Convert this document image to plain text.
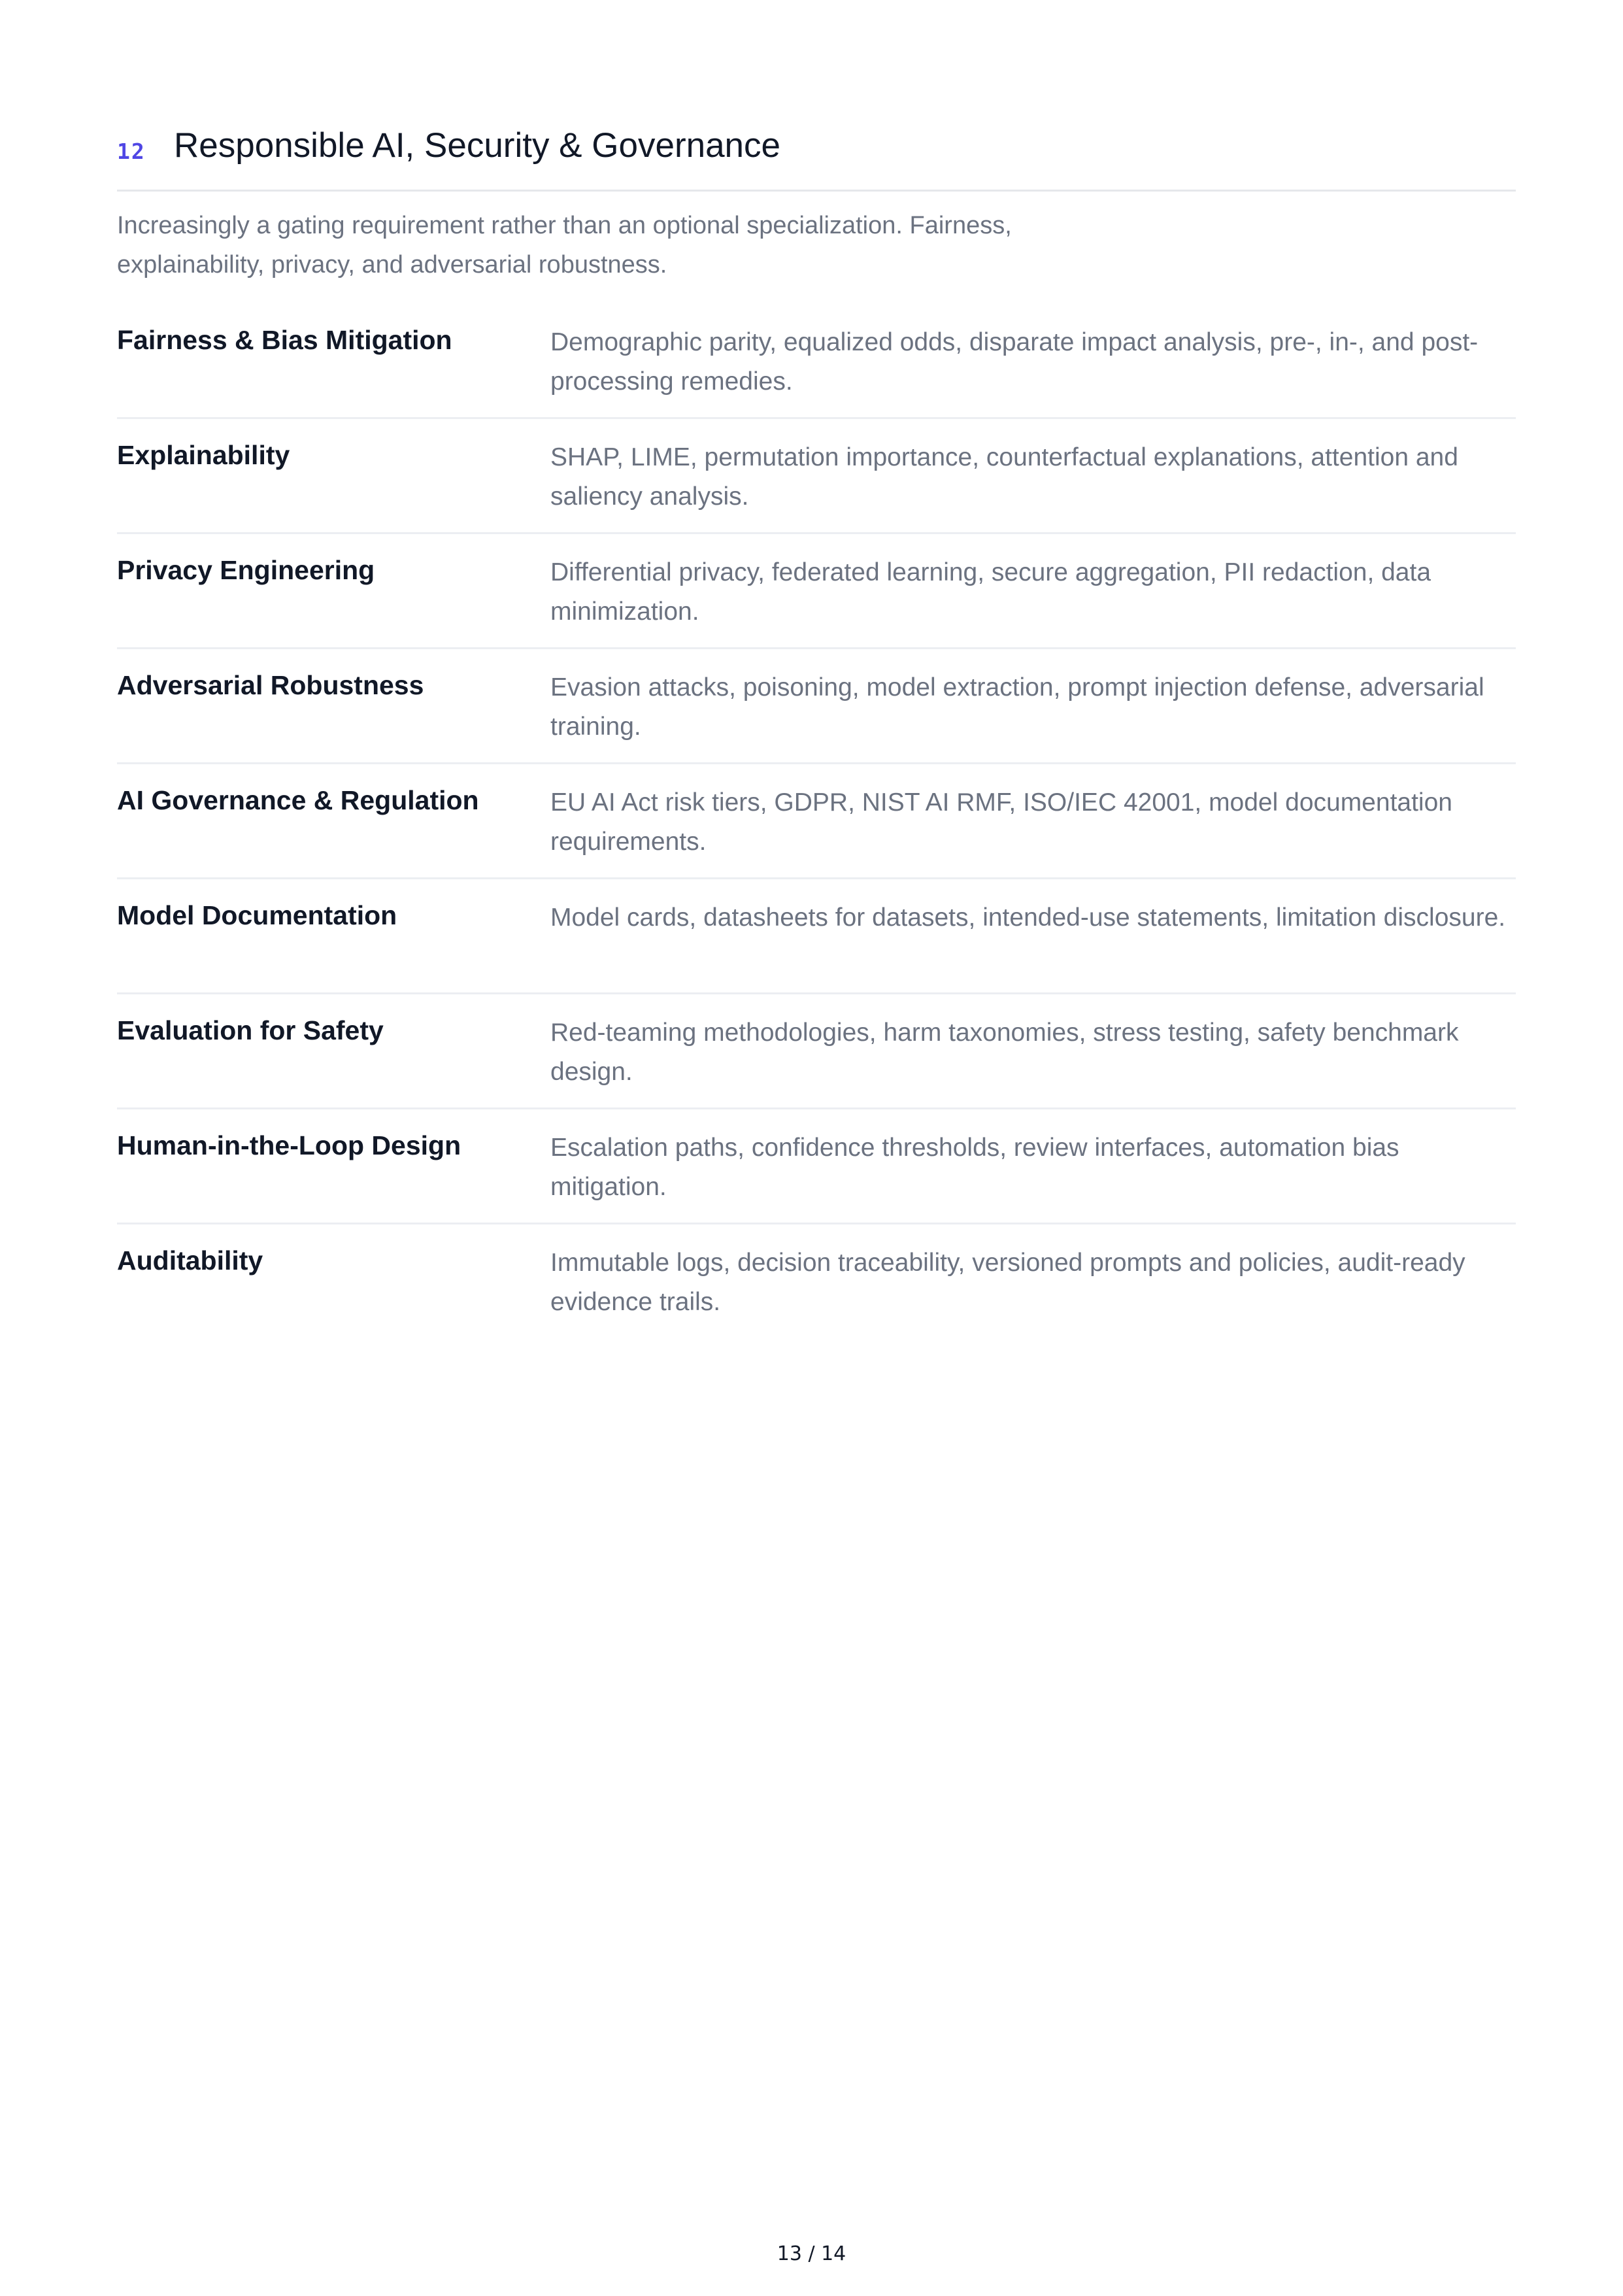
12 Responsible AI, Security & Governance

Increasingly a gating requirement rather than an optional specialization. Fairness, explainability, privacy, and adversarial robustness.

Fairness & Bias Mitigation	Demographic parity, equalized odds, disparate impact analysis, pre-, in-, and post-processing remedies.
Explainability	SHAP, LIME, permutation importance, counterfactual explanations, attention and saliency analysis.
Privacy Engineering	Differential privacy, federated learning, secure aggregation, PII redaction, data minimization.
Adversarial Robustness	Evasion attacks, poisoning, model extraction, prompt injection defense, adversarial training.
AI Governance & Regulation	EU AI Act risk tiers, GDPR, NIST AI RMF, ISO/IEC 42001, model documentation requirements.
Model Documentation	Model cards, datasheets for datasets, intended-use statements, limitation disclosure.
Evaluation for Safety	Red-teaming methodologies, harm taxonomies, stress testing, safety benchmark design.
Human-in-the-Loop Design	Escalation paths, confidence thresholds, review interfaces, automation bias mitigation.
Auditability	Immutable logs, decision traceability, versioned prompts and policies, audit-ready evidence trails.
13 / 14
